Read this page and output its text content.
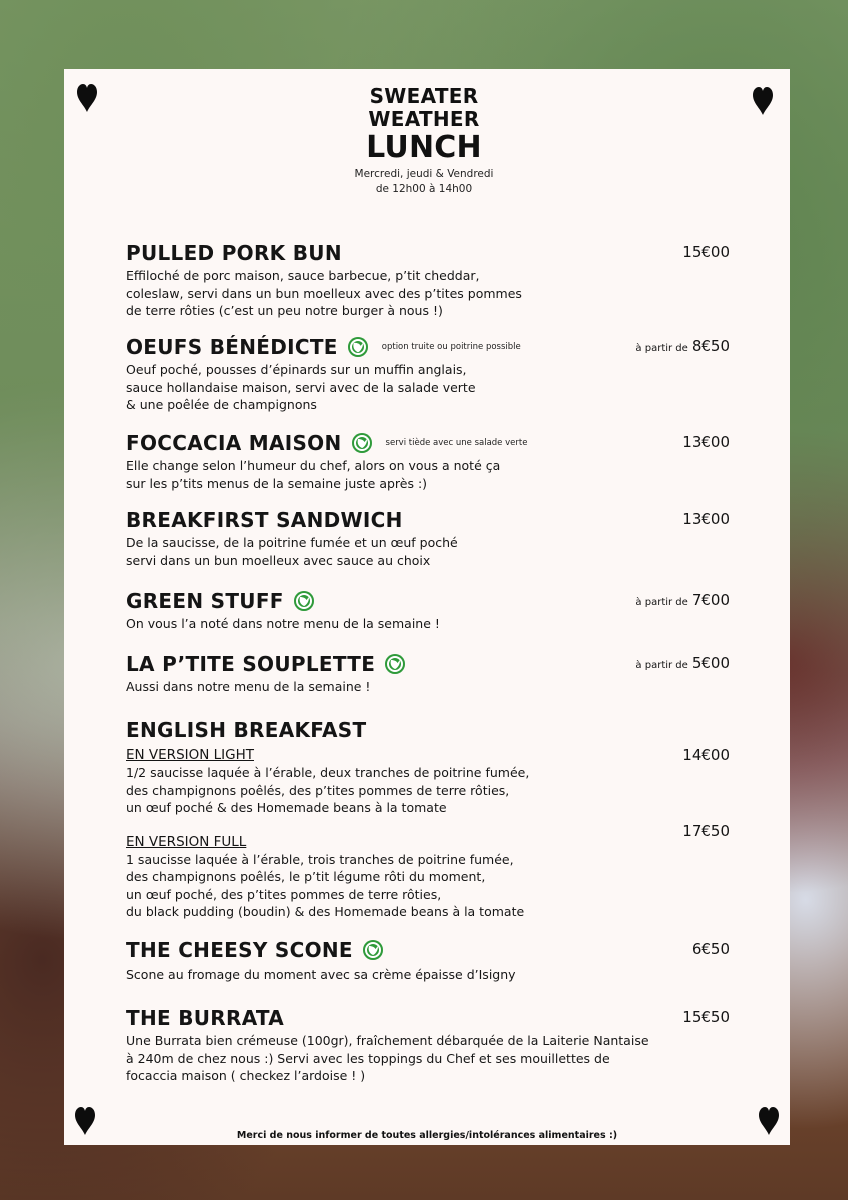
SWEATER
WEATHER
LUNCH
Mercredi, jeudi & Vendredi
de 12h00 à 14h00
PULLED PORK BUN	15€00
Effiloché de porc maison, sauce barbecue, p’tit cheddar,
coleslaw, servi dans un bun moelleux avec des p’tites pommes
de terre rôties (c’est un peu notre burger à nous !)
OEUFS BÉNÉDICTE	option truite ou poitrine possible	à partir de 8€50
Oeuf poché, pousses d’épinards sur un muffin anglais,
sauce hollandaise maison, servi avec de la salade verte
& une poêlée de champignons
FOCCACIA MAISON	servi tiède avec une salade verte	13€00
Elle change selon l’humeur du chef, alors on vous a noté ça
sur les p’tits menus de la semaine juste après :)
BREAKFIRST SANDWICH	13€00
De la saucisse, de la poitrine fumée et un œuf poché
servi dans un bun moelleux avec sauce au choix
GREEN STUFF	à partir de 7€00
On vous l’a noté dans notre menu de la semaine !
LA P’TITE SOUPLETTE	à partir de 5€00
Aussi dans notre menu de la semaine !
ENGLISH BREAKFAST
EN VERSION LIGHT	14€00
1/2 saucisse laquée à l’érable, deux tranches de poitrine fumée,
des champignons poêlés, des p’tites pommes de terre rôties,
un œuf poché & des Homemade beans à la tomate
EN VERSION FULL
17€50
1 saucisse laquée à l’érable, trois tranches de poitrine fumée,
des champignons poêlés, le p’tit légume rôti du moment,
un œuf poché, des p’tites pommes de terre rôties,
du black pudding (boudin) & des Homemade beans à la tomate
THE CHEESY SCONE	6€50
Scone au fromage du moment avec sa crème épaisse d’Isigny
THE BURRATA	15€50
Une Burrata bien crémeuse (100gr), fraîchement débarquée de la Laiterie Nantaise
à 240m de chez nous :) Servi avec les toppings du Chef et ses mouillettes de
focaccia maison ( checkez l’ardoise ! )
Merci de nous informer de toutes allergies/intolérances alimentaires :)
